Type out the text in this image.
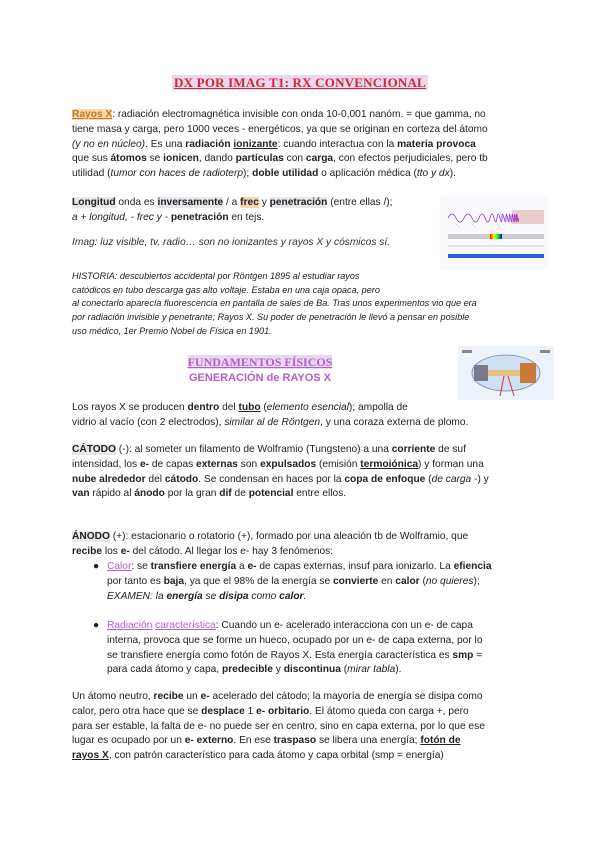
DX POR IMAG T1: RX CONVENCIONAL

Rayos X: radiación electromagnética invisible con onda 10-0,001 nanóm. = que gamma, no

tiene masa y carga, pero 1000 veces - energéticos, ya que se originan en corteza del átomo

(y no en núcleo). Es una radiación ionizante: cuando interactua con la materia provoca

que sus átomos se ionicen, dando partículas con carga, con efectos perjudiciales, pero tb

utilidad (tumor con haces de radioterp); doble utilidad o aplicación médica (tto y dx).

Longitud onda es inversamente / a frec y penetración (entre ellas /);

a + longitud, - frec y - penetración en tejs.

Imag: luz visible, tv, radio… son no ionizantes y rayos X y cósmicos sí.

HISTORIA: descubiertos accidental por Röntgen 1895 al estudiar rayos

catódicos en tubo descarga gas alto voltaje. Estaba en una caja opaca, pero

al conectarlo aparecía fluorescencia en pantalla de sales de Ba. Tras unos experimentos vio que era

por radiación invisible y penetrante; Rayos X. Su poder de penetración le llevó a pensar en posible

uso médico, 1er Premio Nobel de Física en 1901.

FUNDAMENTOS FÍSICOS
GENERACIÓN de RAYOS X

Los rayos X se producen dentro del tubo (elemento esencial); ampolla de

vidrio al vacío (con 2 electrodos), similar al de Röntgen, y una coraza externa de plomo.

CÁTODO (-): al someter un filamento de Wolframio (Tungsteno) a una corriente de suf

intensidad, los e- de capas externas son expulsados (emisión termoiónica) y forman una

nube alrededor del cátodo. Se condensan en haces por la copa de enfoque (de carga -) y

van rápido al ánodo por la gran dif de potencial entre ellos.

ÁNODO (+): estacionario o rotatorio (+), formado por una aleación tb de Wolframio, que

recibe los e- del cátodo. Al llegar los e- hay 3 fenómenos:

● Calor: se transfiere energía a e- de capas externas, insuf para ionizarlo. La efiencia

por tanto es baja, ya que el 98% de la energía se convierte en calor (no quieres);

EXAMEN: la energía se disipa como calor.

● Radiación característica: Cuando un e- acelerado interacciona con un e- de capa

interna, provoca que se forme un hueco, ocupado por un e- de capa externa, por lo

se transfiere energía como fotón de Rayos X. Esta energía característica es smp =

para cada átomo y capa, predecible y discontinua (mirar tabla).

Un átomo neutro, recibe un e- acelerado del cátodo; la mayoría de energía se disipa como

calor, pero otra hace que se desplace 1 e- orbitario. El átomo queda con carga +, pero

para ser estable, la falta de e- no puede ser en centro, sino en capa externa, por lo que ese

lugar es ocupado por un e- externo. En ese traspaso se libera una energía; fotón de

rayos X, con patrón característico para cada átomo y capa orbital (smp = energía)
